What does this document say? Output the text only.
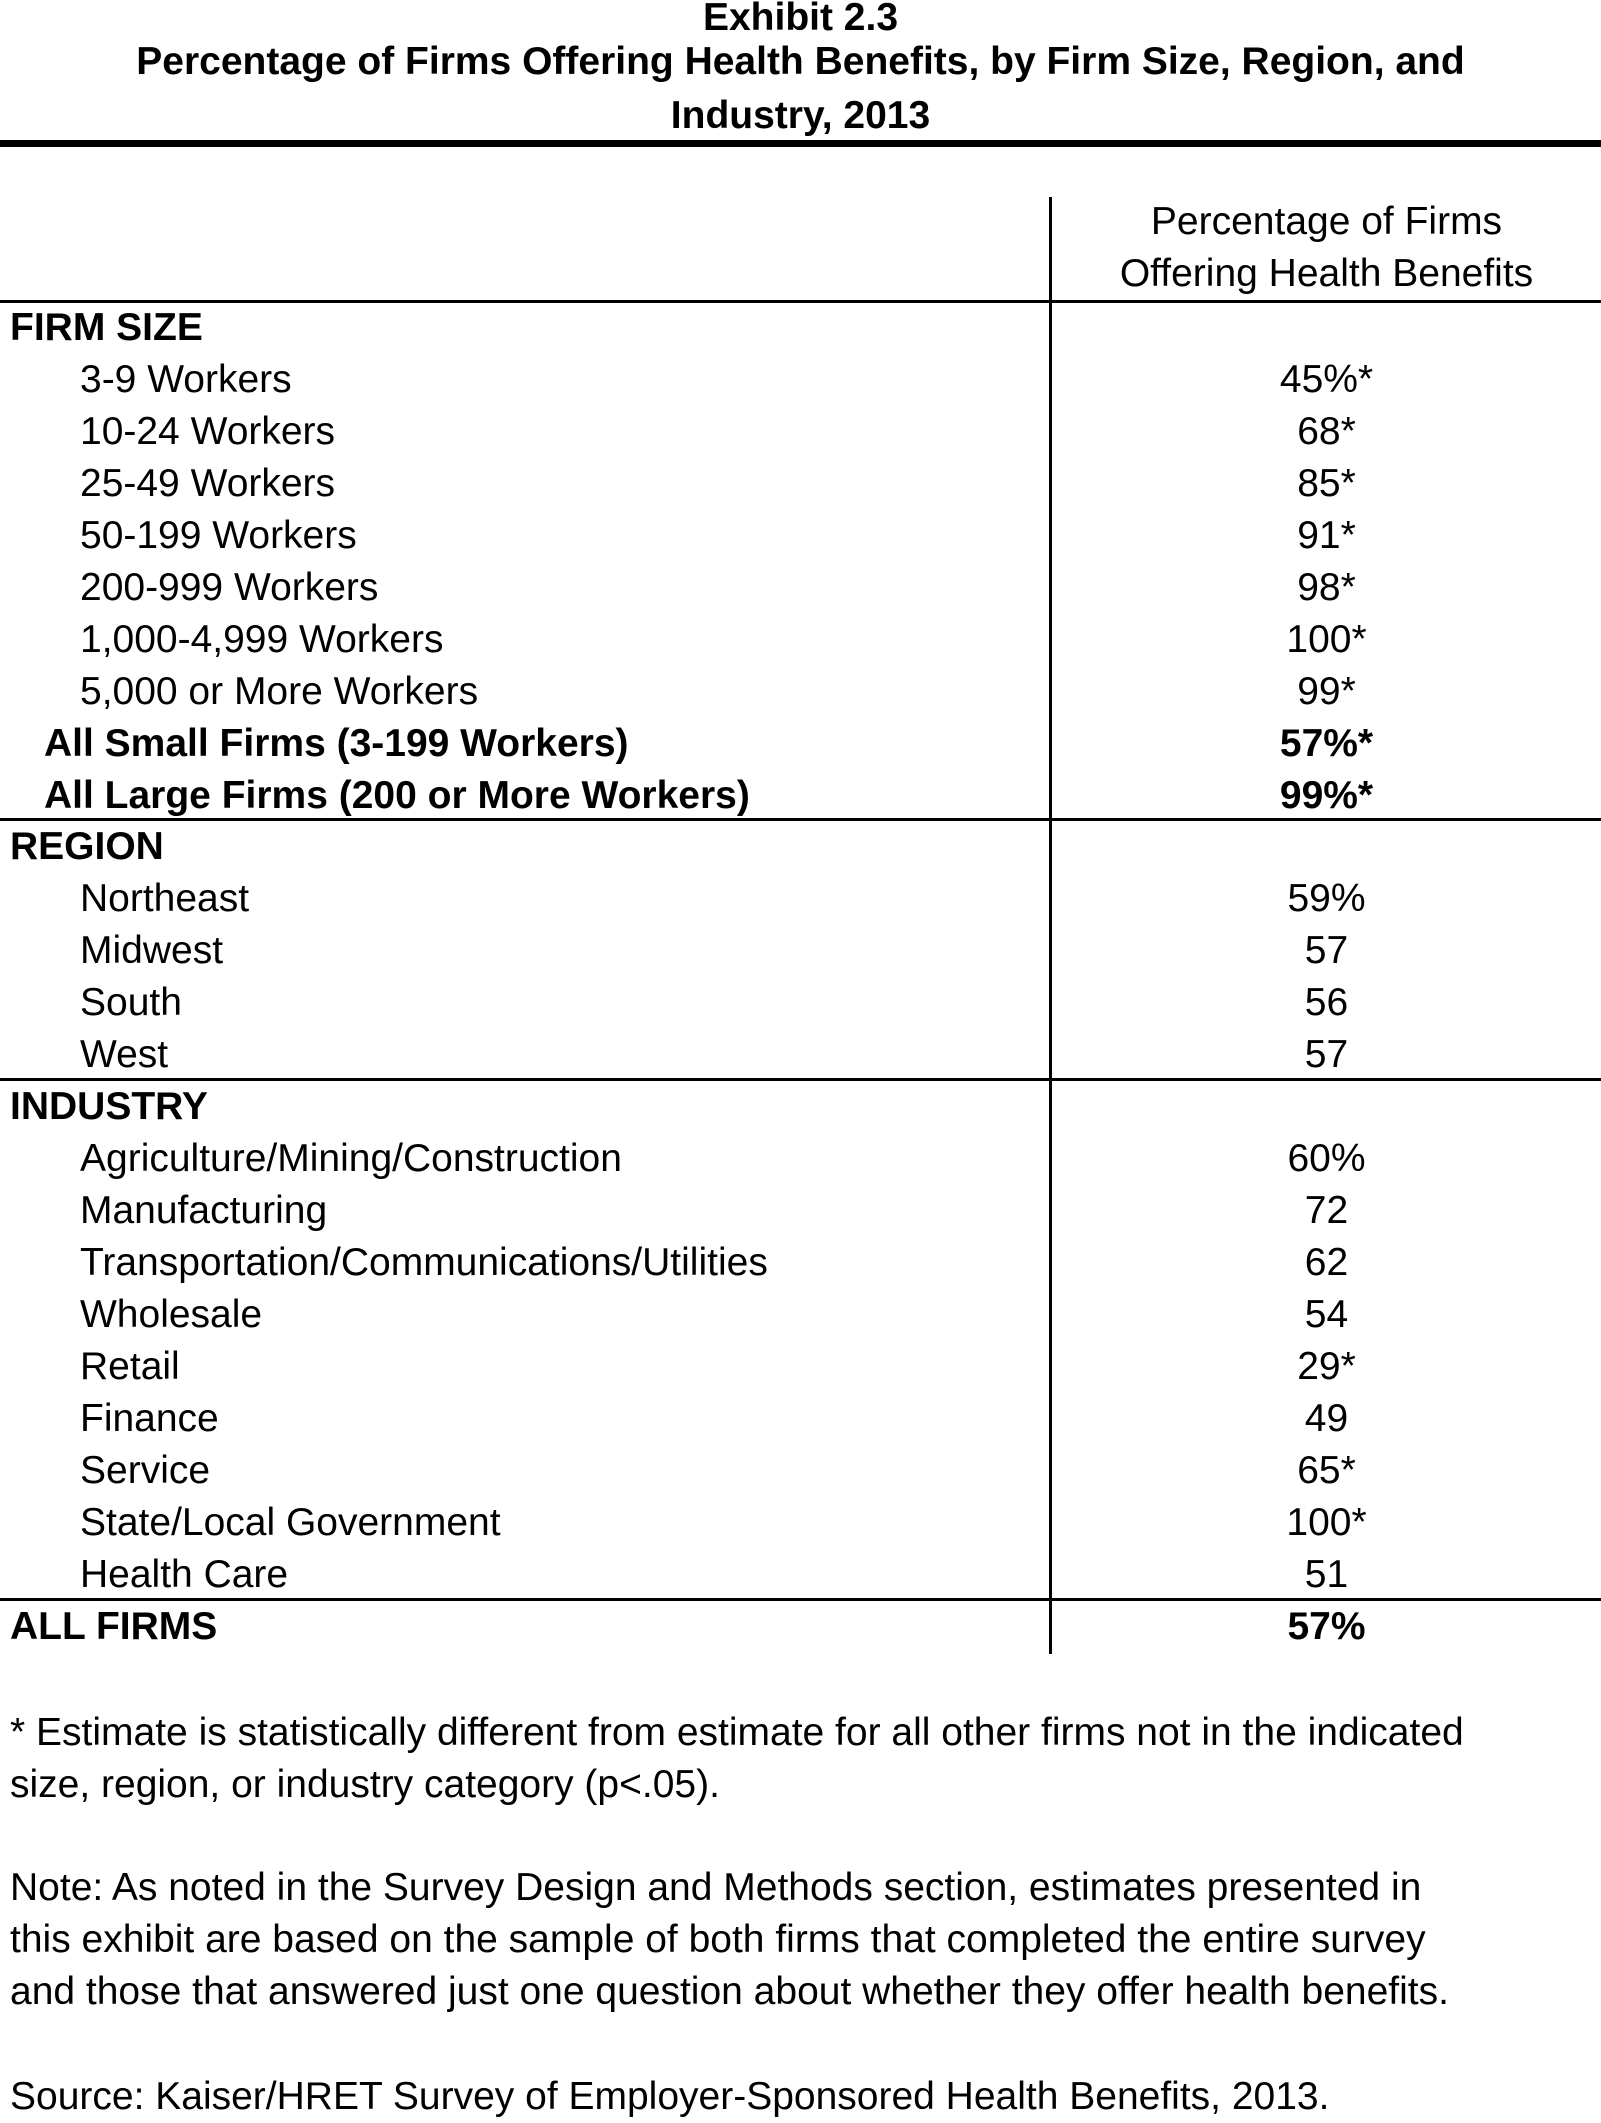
Exhibit 2.3
Percentage of Firms Offering Health Benefits, by Firm Size, Region, and
Industry, 2013
Percentage of Firms
Offering Health Benefits
FIRM SIZE
3-9 Workers	45%*
10-24 Workers	68*
25-49 Workers	85*
50-199 Workers	91*
200-999 Workers	98*
1,000-4,999 Workers	100*
5,000 or More Workers	99*
All Small Firms (3-199 Workers)	57%*
All Large Firms (200 or More Workers)	99%*
REGION
Northeast	59%
Midwest	57
South	56
West	57
INDUSTRY
Agriculture/Mining/Construction	60%
Manufacturing	72
Transportation/Communications/Utilities	62
Wholesale	54
Retail	29*
Finance	49
Service	65*
State/Local Government	100*
Health Care	51
ALL FIRMS	57%
* Estimate is statistically different from estimate for all other firms not in the indicated
size, region, or industry category (p<.05).
Note: As noted in the Survey Design and Methods section, estimates presented in
this exhibit are based on the sample of both firms that completed the entire survey
and those that answered just one question about whether they offer health benefits.
Source: Kaiser/HRET Survey of Employer-Sponsored Health Benefits, 2013.
